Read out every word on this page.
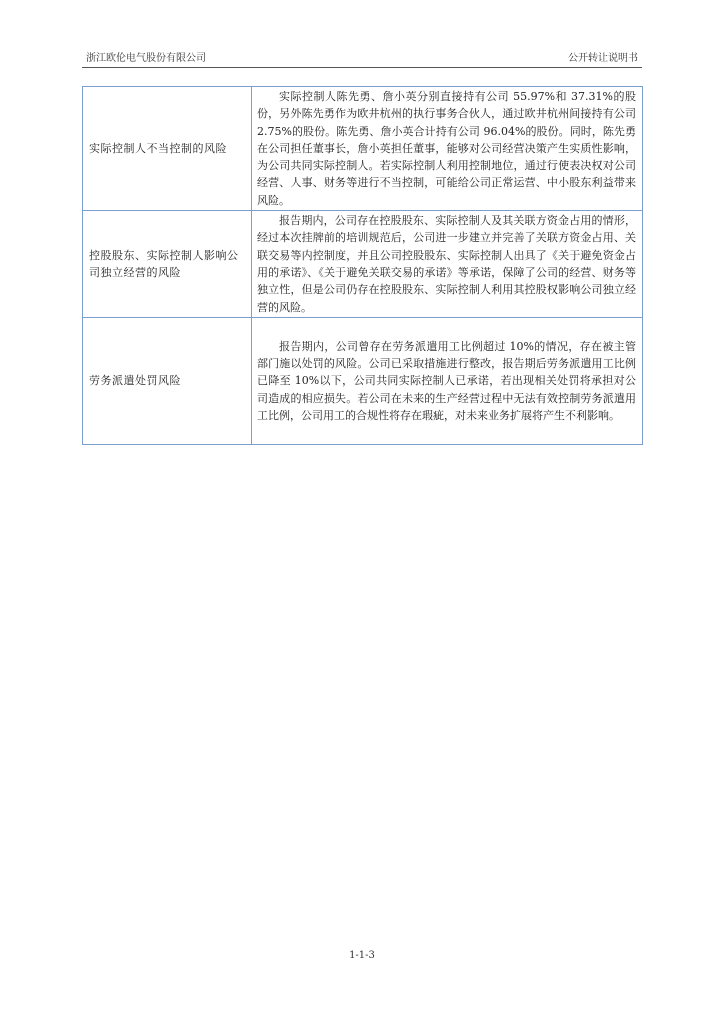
浙江欧伦电气股份有限公司	公开转让说明书
实际控制人不当控制的风险	实际控制人陈先勇、詹小英分别直接持有公司 55.97%和 37.31%的股份，另外陈先勇作为欧井杭州的执行事务合伙人，通过欧井杭州间接持有公司 2.75%的股份。陈先勇、詹小英合计持有公司 96.04%的股份。同时，陈先勇在公司担任董事长，詹小英担任董事，能够对公司经营决策产生实质性影响，为公司共同实际控制人。若实际控制人利用控制地位，通过行使表决权对公司经营、人事、财务等进行不当控制，可能给公司正常运营、中小股东利益带来风险。
控股股东、实际控制人影响公司独立经营的风险	报告期内，公司存在控股股东、实际控制人及其关联方资金占用的情形，经过本次挂牌前的培训规范后，公司进一步建立并完善了关联方资金占用、关联交易等内控制度，并且公司控股股东、实际控制人出具了《关于避免资金占用的承诺》、《关于避免关联交易的承诺》等承诺，保障了公司的经营、财务等独立性，但是公司仍存在控股股东、实际控制人利用其控股权影响公司独立经营的风险。
劳务派遣处罚风险	报告期内，公司曾存在劳务派遣用工比例超过 10%的情况，存在被主管部门施以处罚的风险。公司已采取措施进行整改，报告期后劳务派遣用工比例已降至 10%以下，公司共同实际控制人已承诺，若出现相关处罚将承担对公司造成的相应损失。若公司在未来的生产经营过程中无法有效控制劳务派遣用工比例，公司用工的合规性将存在瑕疵，对未来业务扩展将产生不利影响。
1-1-3
